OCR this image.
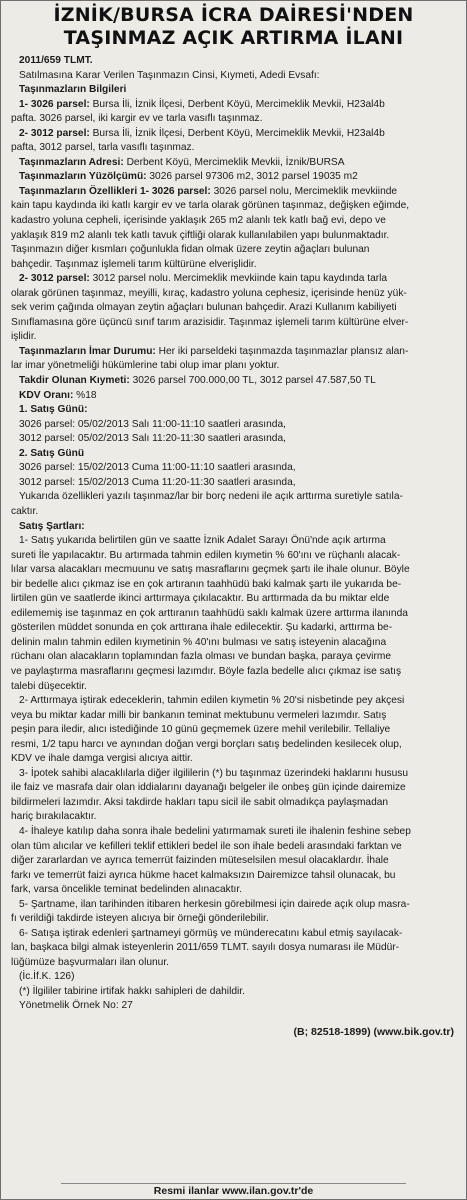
İZNİK/BURSA İCRA DAİRESİ'NDEN
TAŞINMAZ AÇIK ARTIRMA İLANI

2011/659 TLMT.

Satılmasına Karar Verilen Taşınmazın Cinsi, Kıymeti, Adedi Evsafı:

Taşınmazların Bilgileri

1- 3026 parsel: Bursa İli, İznik İlçesi, Derbent Köyü, Mercimeklik Mevkii, H23al4b

pafta. 3026 parsel, iki kargir ev ve tarla vasıflı taşınmaz.

2- 3012 parsel: Bursa İli, İznik İlçesi, Derbent Köyü, Mercimeklik Mevkii, H23al4b

pafta, 3012 parsel, tarla vasıflı taşınmaz.

Taşınmazların Adresi: Derbent Köyü, Mercimeklik Mevkii, İznik/BURSA

Taşınmazların Yüzölçümü: 3026 parsel 97306 m2, 3012 parsel 19035 m2

Taşınmazların Özellikleri 1- 3026 parsel: 3026 parsel nolu, Mercimeklik mevkiinde

kain tapu kaydında iki katlı kargir ev ve tarla olarak görünen taşınmaz, değişken eğimde,

kadastro yoluna cepheli, içerisinde yaklaşık 265 m2 alanlı tek katlı bağ evi, depo ve

yaklaşık 819 m2 alanlı tek katlı tavuk çiftliği olarak kullanılabilen yapı bulunmaktadır.

Taşınmazın diğer kısmları çoğunlukla fidan olmak üzere zeytin ağaçları bulunan

bahçedir. Taşınmaz işlemeli tarım kültürüne elverişlidir.

2- 3012 parsel: 3012 parsel nolu. Mercimeklik mevkiinde kain tapu kaydında tarla

olarak görünen taşınmaz, meyilli, kıraç, kadastro yoluna cephesiz, içerisinde henüz yük-

sek verim çağında olmayan zeytin ağaçları bulunan bahçedir. Arazi Kullanım kabiliyeti

Sınıflamasına göre üçüncü sınıf tarım arazisidir. Taşınmaz işlemeli tarım kültürüne elver-

işlidir.

Taşınmazların İmar Durumu: Her iki parseldeki taşınmazda taşınmazlar plansız alan-

lar imar yönetmeliği hükümlerine tabi olup imar planı yoktur.

Takdir Olunan Kıymeti: 3026 parsel 700.000,00 TL, 3012 parsel 47.587,50 TL

KDV Oranı: %18

1. Satış Günü:

3026 parsel: 05/02/2013 Salı 11:00-11:10 saatleri arasında,

3012 parsel: 05/02/2013 Salı 11:20-11:30 saatleri arasında,

2. Satış Günü

3026 parsel: 15/02/2013 Cuma 11:00-11:10 saatleri arasında,

3012 parsel: 15/02/2013 Cuma 11:20-11:30 saatleri arasında,

Yukarıda özellikleri yazılı taşınmaz/lar bir borç nedeni ile açık arttırma suretiyle satıla-

caktır.

Satış Şartları:

1- Satış yukarıda belirtilen gün ve saatte İznik Adalet Sarayı Önü'nde açık artırma

sureti İle yapılacaktır. Bu artırmada tahmin edilen kıymetin % 60'ını ve rüçhanlı alacak-

lılar varsa alacakları mecmuunu ve satış masraflarını geçmek şartı ile ihale olunur. Böyle

bir bedelle alıcı çıkmaz ise en çok artıranın taahhüdü baki kalmak şartı ile yukarıda be-

lirtilen gün ve saatlerde ikinci arttırmaya çıkılacaktır. Bu arttırmada da bu miktar elde

edilememiş ise taşınmaz en çok arttıranın taahhüdü saklı kalmak üzere arttırma ilanında

gösterilen müddet sonunda en çok arttırana ihale edilecektir. Şu kadarki, arttırma be-

delinin malın tahmin edilen kıymetinin % 40'ını bulması ve satış isteyenin alacağına

rüchanı olan alacakların toplamından fazla olması ve bundan başka, paraya çevirme

ve paylaştırma masraflarını geçmesi lazımdır. Böyle fazla bedelle alıcı çıkmaz ise satış

talebi düşecektir.

2- Arttırmaya iştirak edeceklerin, tahmin edilen kıymetin % 20'si nisbetinde pey akçesi

veya bu miktar kadar milli bir bankanın teminat mektubunu vermeleri lazımdır. Satış

peşin para iledir, alıcı istediğinde 10 günü geçmemek üzere mehil verilebilir. Tellaliye

resmi, 1/2 tapu harcı ve aynından doğan vergi borçları satış bedelinden kesilecek olup,

KDV ve ihale damga vergisi alıcıya aittir.

3- İpotek sahibi alacaklılarla diğer ilgililerin (*) bu taşınmaz üzerindeki haklarını hususu

ile faiz ve masrafa dair olan iddialarını dayanağı belgeler ile onbeş gün içinde dairemize

bildirmeleri lazımdır. Aksi takdirde hakları tapu sicil ile sabit olmadıkça paylaşmadan

hariç bırakılacaktır.

4- İhaleye katılıp daha sonra ihale bedelini yatırmamak sureti ile ihalenin feshine sebep

olan tüm alıcılar ve kefilleri teklif ettikleri bedel ile son ihale bedeli arasındaki farktan ve

diğer zararlardan ve ayrıca temerrüt faizinden müteselsilen mesul olacaklardır. İhale

farkı ve temerrüt faizi ayrıca hükme hacet kalmaksızın Dairemizce tahsil olunacak, bu

fark, varsa öncelikle teminat bedelinden alınacaktır.

5- Şartname, ilan tarihinden itibaren herkesin görebilmesi için dairede açık olup masra-

fı verildiği takdirde isteyen alıcıya bir örneği gönderilebilir.

6- Satışa iştirak edenleri şartnameyi görmüş ve münderecatını kabul etmiş sayılacak-

lan, başkaca bilgi almak isteyenlerin 2011/659 TLMT. sayılı dosya numarası ile Müdür-

lüğümüze başvurmaları ilan olunur.

(İc.İf.K. 126)

(*) İlgililer tabirine irtifak hakkı sahipleri de dahildir.

Yönetmelik Örnek No: 27

(B; 82518-1899) (www.bik.gov.tr)
Resmi ilanlar www.ilan.gov.tr'de
